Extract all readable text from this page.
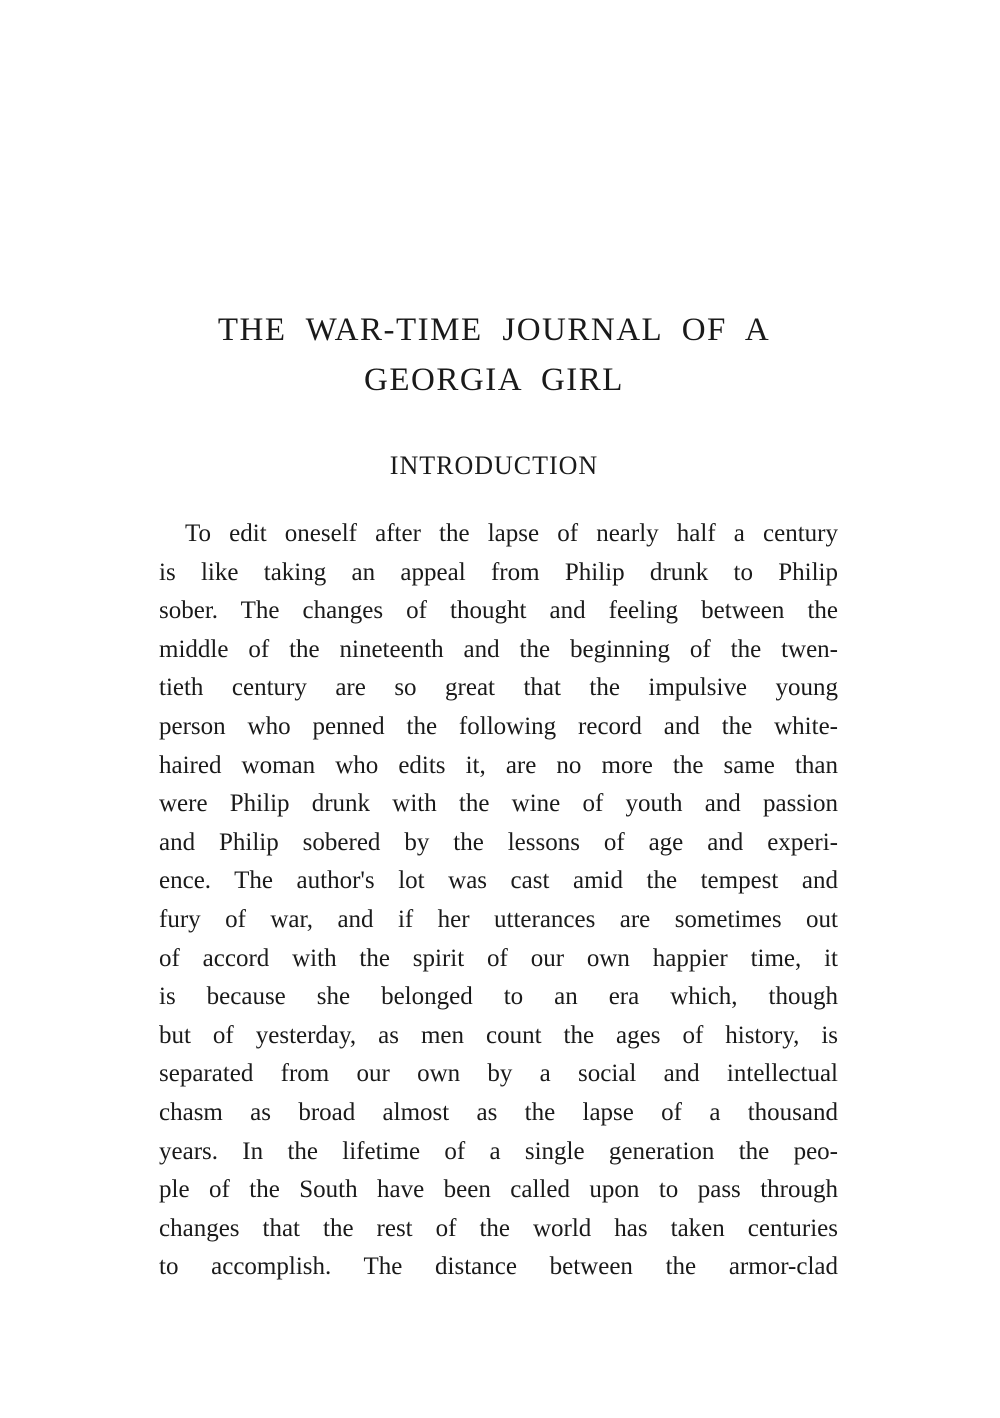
THE WAR-TIME JOURNAL OF A
GEORGIA GIRL
INTRODUCTION
To edit oneself after the lapse of nearly half a century
is like taking an appeal from Philip drunk to Philip
sober. The changes of thought and feeling between the
middle of the nineteenth and the beginning of the twen-
tieth century are so great that the impulsive young
person who penned the following record and the white-
haired woman who edits it, are no more the same than
were Philip drunk with the wine of youth and passion
and Philip sobered by the lessons of age and experi-
ence. The author's lot was cast amid the tempest and
fury of war, and if her utterances are sometimes out
of accord with the spirit of our own happier time, it
is because she belonged to an era which, though
but of yesterday, as men count the ages of history, is
separated from our own by a social and intellectual
chasm as broad almost as the lapse of a thousand
years. In the lifetime of a single generation the peo-
ple of the South have been called upon to pass through
changes that the rest of the world has taken centuries
to accomplish. The distance between the armor-clad
